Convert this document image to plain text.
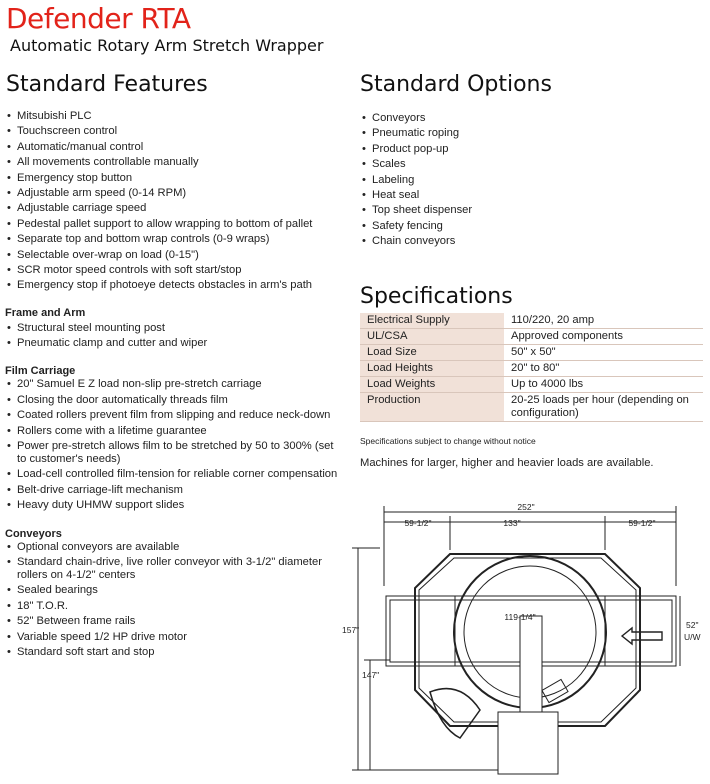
Defender RTA
Automatic Rotary Arm Stretch Wrapper
Standard Features	Standard Options
Specifications
• Mitsubishi PLC
• Touchscreen control
• Automatic/manual control
• All movements controllable manually
• Emergency stop button
• Adjustable arm speed (0-14 RPM)
• Adjustable carriage speed
• Pedestal pallet support to allow wrapping to bottom of pallet
• Separate top and bottom wrap controls (0-9 wraps)
• Selectable over-wrap on load (0-15")
• SCR motor speed controls with soft start/stop
• Emergency stop if photoeye detects obstacles in arm's path
Frame and Arm
• Structural steel mounting post
• Pneumatic clamp and cutter and wiper
Film Carriage
• 20" Samuel E Z load non-slip pre-stretch carriage
• Closing the door automatically threads film
• Coated rollers prevent film from slipping and reduce neck-down
• Rollers come with a lifetime guarantee
• Power pre-stretch allows film to be stretched by 50 to 300% (set to customer's needs)
• Load-cell controlled film-tension for reliable corner compensation
• Belt-drive carriage-lift mechanism
• Heavy duty UHMW support slides
Conveyors
• Optional conveyors are available
• Standard chain-drive, live roller conveyor with 3-1/2" diameter rollers on 4-1/2" centers
• Sealed bearings
• 18" T.O.R.
• 52" Between frame rails
• Variable speed 1/2 HP drive motor
• Standard soft start and stop
• Conveyors
• Pneumatic roping
• Product pop-up
• Scales
• Labeling
• Heat seal
• Top sheet dispenser
• Safety fencing
• Chain conveyors
Electrical Supply	110/220, 20 amp
UL/CSA	Approved components
Load Size	50" x 50"
Load Heights	20" to 80"
Load Weights	Up to 4000 lbs
Production	20-25 loads per hour (depending on configuration)
Specifications subject to change without notice
Machines for larger, higher and heavier loads are available.
252"
59-1/2"	133"	59-1/2"
157"
147"
119-1/4"
52"
U/W
